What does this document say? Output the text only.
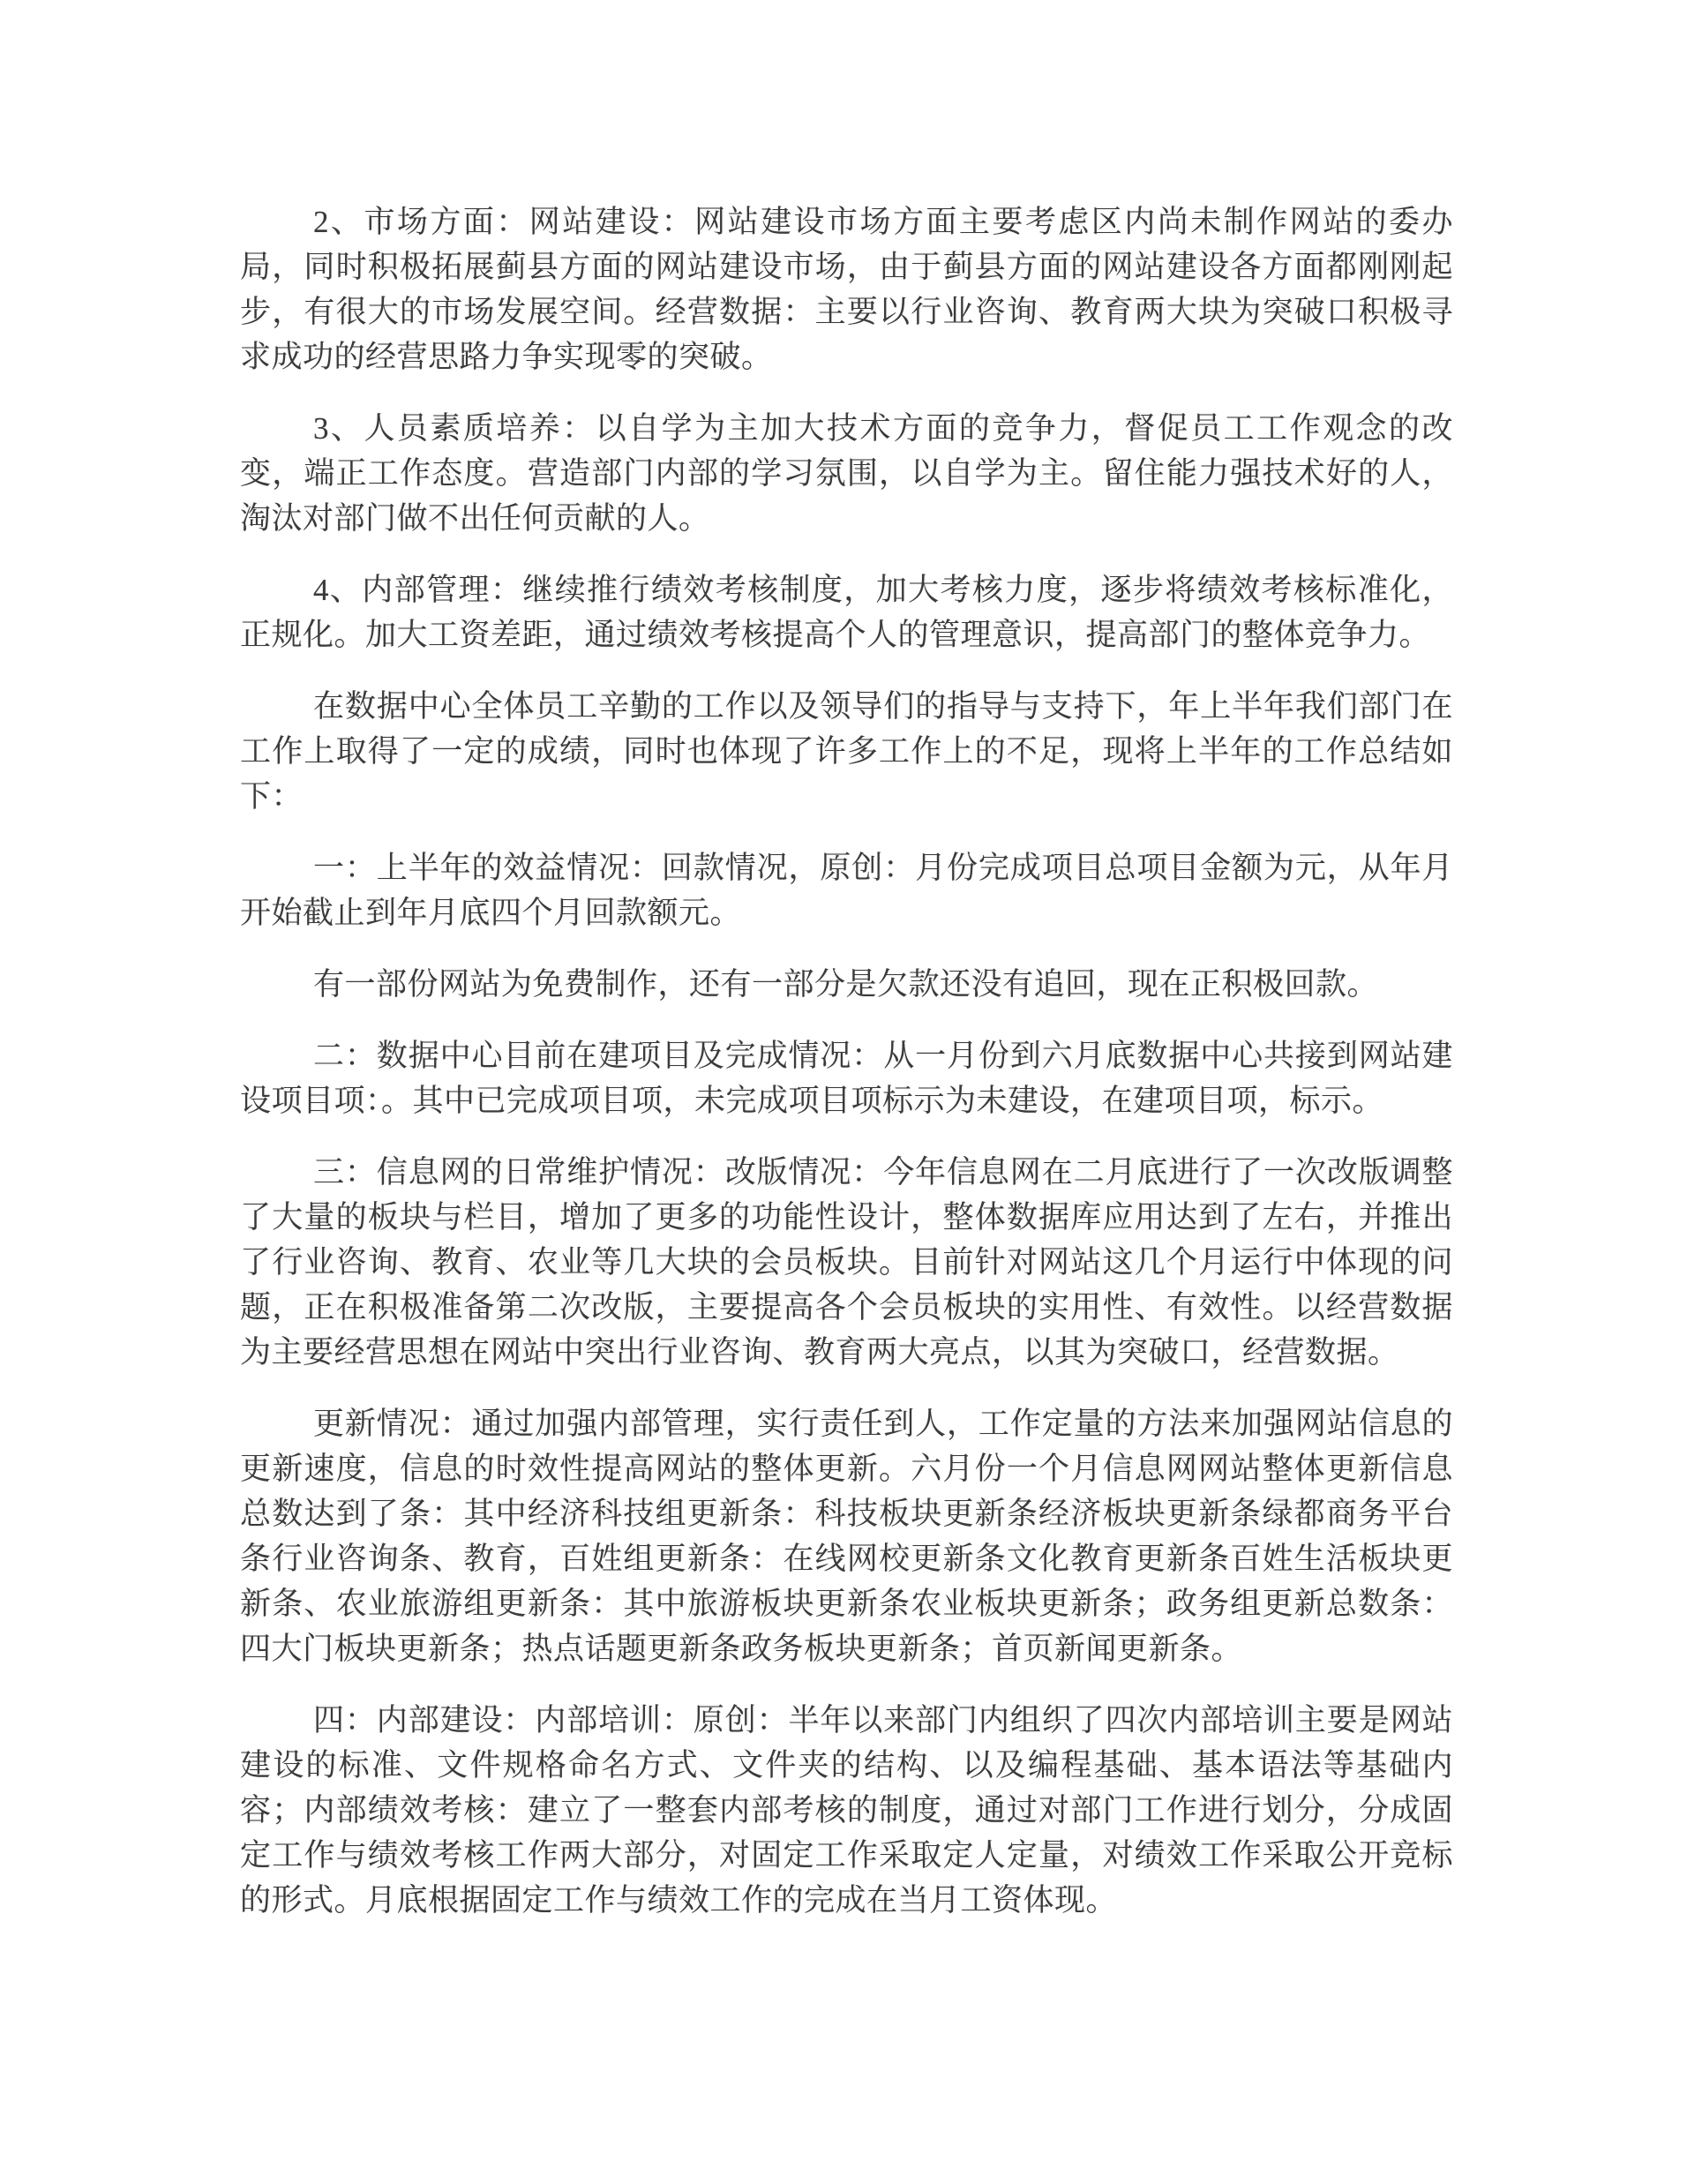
2、市场方面：网站建设：网站建设市场方面主要考虑区内尚未制作网站的委办局，同时积极拓展蓟县方面的网站建设市场，由于蓟县方面的网站建设各方面都刚刚起步，有很大的市场发展空间。经营数据：主要以行业咨询、教育两大块为突破口积极寻求成功的经营思路力争实现零的突破。

3、人员素质培养：以自学为主加大技术方面的竞争力，督促员工工作观念的改变，端正工作态度。营造部门内部的学习氛围，以自学为主。留住能力强技术好的人，淘汰对部门做不出任何贡献的人。

4、内部管理：继续推行绩效考核制度，加大考核力度，逐步将绩效考核标准化，正规化。加大工资差距，通过绩效考核提高个人的管理意识，提高部门的整体竞争力。

在数据中心全体员工辛勤的工作以及领导们的指导与支持下，年上半年我们部门在工作上取得了一定的成绩，同时也体现了许多工作上的不足，现将上半年的工作总结如下：

一：上半年的效益情况：回款情况，原创：月份完成项目总项目金额为元，从年月开始截止到年月底四个月回款额元。

有一部份网站为免费制作，还有一部分是欠款还没有追回，现在正积极回款。

二：数据中心目前在建项目及完成情况：从一月份到六月底数据中心共接到网站建设项目项：。其中已完成项目项，未完成项目项标示为未建设，在建项目项，标示。

三：信息网的日常维护情况：改版情况：今年信息网在二月底进行了一次改版调整了大量的板块与栏目，增加了更多的功能性设计，整体数据库应用达到了左右，并推出了行业咨询、教育、农业等几大块的会员板块。目前针对网站这几个月运行中体现的问题，正在积极准备第二次改版，主要提高各个会员板块的实用性、有效性。以经营数据为主要经营思想在网站中突出行业咨询、教育两大亮点，以其为突破口，经营数据。

更新情况：通过加强内部管理，实行责任到人，工作定量的方法来加强网站信息的更新速度，信息的时效性提高网站的整体更新。六月份一个月信息网网站整体更新信息总数达到了条：其中经济科技组更新条：科技板块更新条经济板块更新条绿都商务平台条行业咨询条、教育，百姓组更新条：在线网校更新条文化教育更新条百姓生活板块更新条、农业旅游组更新条：其中旅游板块更新条农业板块更新条；政务组更新总数条：四大门板块更新条；热点话题更新条政务板块更新条；首页新闻更新条。

四：内部建设：内部培训：原创：半年以来部门内组织了四次内部培训主要是网站建设的标准、文件规格命名方式、文件夹的结构、以及编程基础、基本语法等基础内容；内部绩效考核：建立了一整套内部考核的制度，通过对部门工作进行划分，分成固定工作与绩效考核工作两大部分，对固定工作采取定人定量，对绩效工作采取公开竞标的形式。月底根据固定工作与绩效工作的完成在当月工资体现。
